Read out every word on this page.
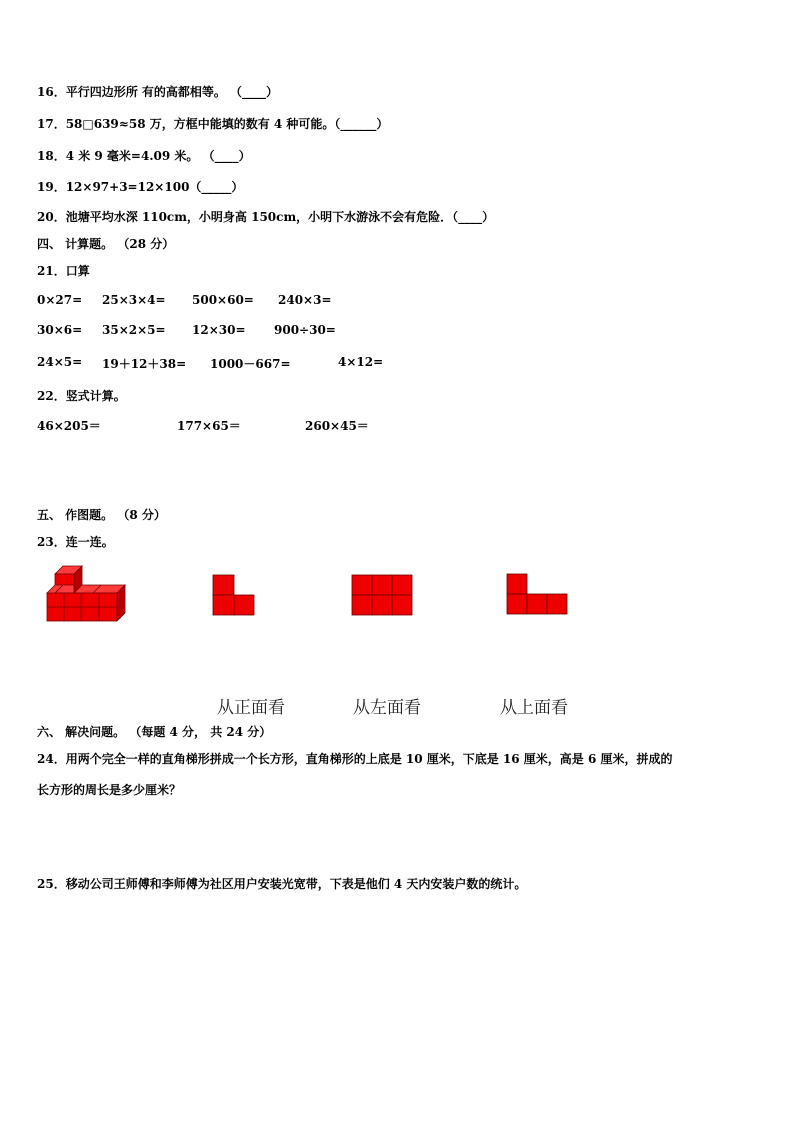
16．平行四边形所 有的高都相等。 （____）
17．58□639≈58 万，方框中能填的数有 4 种可能。（______）
18．4 米 9 毫米=4.09 米。 （____）
19．12×97+3=12×100（_____）
20．池塘平均水深 110cm，小明身高 150cm，小明下水游泳不会有危险．（____）
四、 计算题。 （28 分）
21．口算
0×27= 25×3×4= 500×60= 240×3=
30×6= 35×2×5= 12×30= 900÷30=
24×5= 19＋12＋38= 1000－667=	4×12=
22．竖式计算。
46×205＝	177×65＝	260×45＝
五、 作图题。 （8 分）
23．连一连。
从正面看	从左面看	从上面看
六、 解决问题。 （每题 4 分， 共 24 分）
24．用两个完全一样的直角梯形拼成一个长方形，直角梯形的上底是 10 厘米，下底是 16 厘米，高是 6 厘米，拼成的
长方形的周长是多少厘米？
25．移动公司王师傅和李师傅为社区用户安装光宽带，下表是他们 4 天内安装户数的统计。
